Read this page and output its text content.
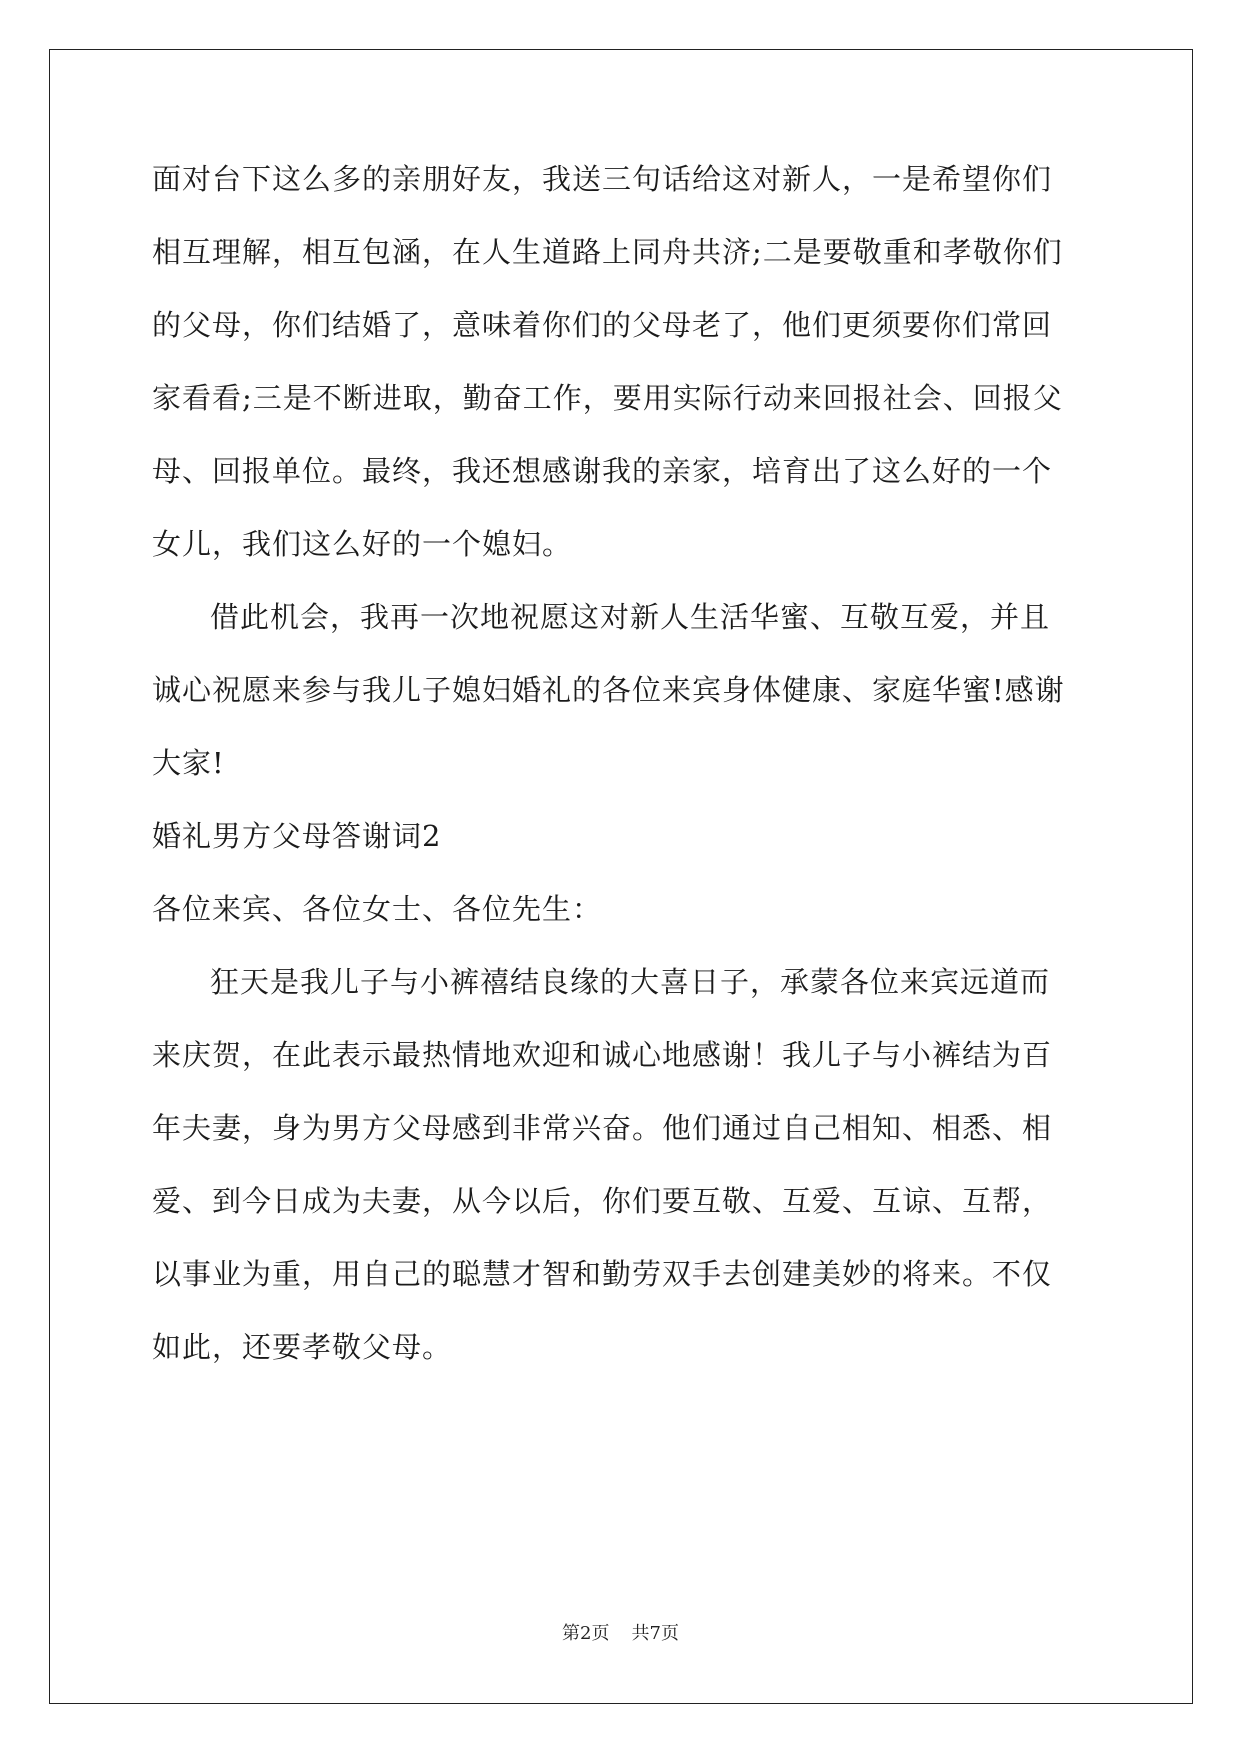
面对台下这么多的亲朋好友，我送三句话给这对新人，一是希望你们
相互理解，相互包涵，在人生道路上同舟共济;二是要敬重和孝敬你们
的父母，你们结婚了，意味着你们的父母老了，他们更须要你们常回
家看看;三是不断进取，勤奋工作，要用实际行动来回报社会、回报父
母、回报单位。最终，我还想感谢我的亲家，培育出了这么好的一个
女儿，我们这么好的一个媳妇。
借此机会，我再一次地祝愿这对新人生活华蜜、互敬互爱，并且
诚心祝愿来参与我儿子媳妇婚礼的各位来宾身体健康、家庭华蜜!感谢
大家!
婚礼男方父母答谢词2
各位来宾、各位女士、各位先生：
狂天是我儿子与小裤禧结良缘的大喜日子，承蒙各位来宾远道而
来庆贺，在此表示最热情地欢迎和诚心地感谢！我儿子与小裤结为百
年夫妻，身为男方父母感到非常兴奋。他们通过自己相知、相悉、相
爱、到今日成为夫妻，从今以后，你们要互敬、互爱、互谅、互帮，
以事业为重，用自己的聪慧才智和勤劳双手去创建美妙的将来。不仅
如此，还要孝敬父母。
第2页 共7页
